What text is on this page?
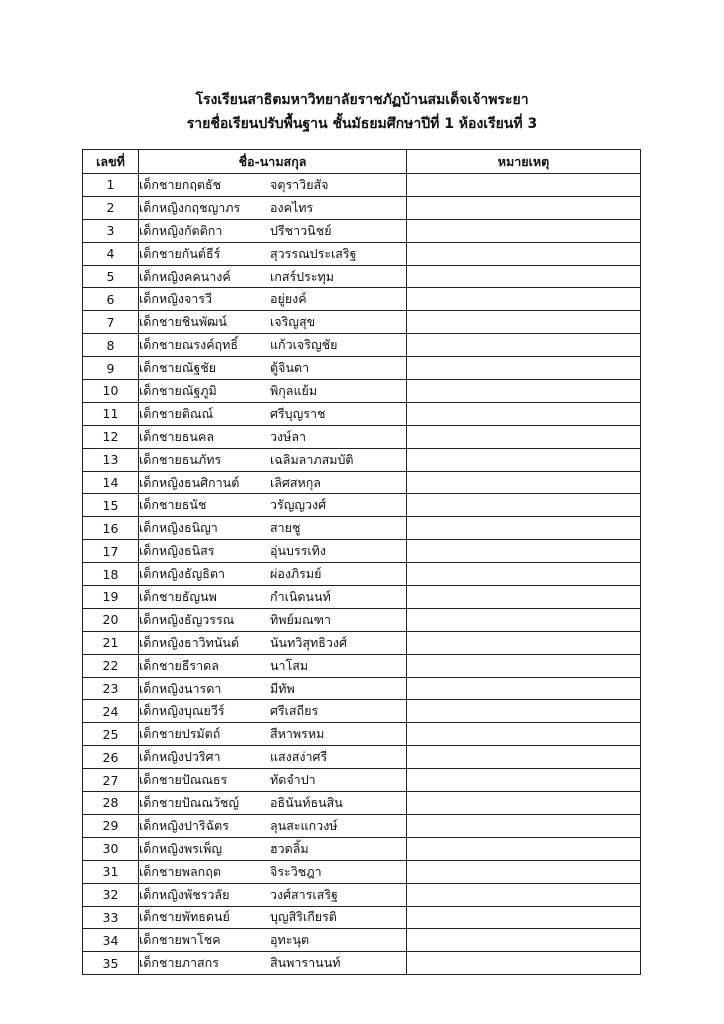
โรงเรียนสาธิตมหาวิทยาลัยราชภัฏบ้านสมเด็จเจ้าพระยา
รายชื่อเรียนปรับพื้นฐาน ชั้นมัธยมศึกษาปีที่ 1 ห้องเรียนที่ 3
เลขที่	ชื่อ-นามสกุล	หมายเหตุ
1	เด็กชายกฤตธัช จตุราวิยสัจ	
2	เด็กหญิงกฤชญาภร องคไทร	
3	เด็กหญิงกัตติกา ปรีชาวนิชย์	
4	เด็กชายกันต์ธีร์ สุวรรณประเสริฐ	
5	เด็กหญิงคคนางค์ เกสร์ประทุม	
6	เด็กหญิงจารวี อยู่ยงค์	
7	เด็กชายชินพัฒน์ เจริญสุข	
8	เด็กชายณรงค์ฤทธิ์ แก้วเจริญชัย	
9	เด็กชายณัฐชัย ตู้จินดา	
10	เด็กชายณัฐภูมิ พิกุลแย้ม	
11	เด็กชายติณณ์ ศรีบุญราช	
12	เด็กชายธนคล วงษ์ลา	
13	เด็กชายธนภัทร เฉลิมลาภสมบัติ	
14	เด็กหญิงธนศิกานต์ เลิศสหกุล	
15	เด็กชายธนัช วรัญญวงศ์	
16	เด็กหญิงธนิญา สายชู	
17	เด็กหญิงธนิสร อุ่นบรรเทิง	
18	เด็กหญิงธัญธิตา ผ่องภิรมย์	
19	เด็กชายธัญนพ กำเนิดนนท์	
20	เด็กหญิงธัญวรรณ ทิพย์มณฑา	
21	เด็กหญิงธาวิทนันต์ นันทวิสุทธิวงศ์	
22	เด็กชายธีราดล นาโสม	
23	เด็กหญิงนารดา มีทัพ	
24	เด็กหญิงบุณยวีร์ ศรีเสถียร	
25	เด็กชายปรมัตถ์ สีหาพรหม	
26	เด็กหญิงปวริศา แสงสง่าศรี	
27	เด็กชายปัณณธร ทัดจำปา	
28	เด็กชายปัณณวัชญ์ อธินันท์ธนสิน	
29	เด็กหญิงปาริฉัตร ลุนสะแกวงษ์	
30	เด็กหญิงพรเพ็ญ ฮวดลิ้ม	
31	เด็กชายพลกฤต จิระวิชฎา	
32	เด็กหญิงพัชรวลัย วงศ์สารเสริฐ	
33	เด็กชายพัทธดนย์ บุญสิริเกียรติ	
34	เด็กชายพาโชค อุทะนุต	
35	เด็กชายภาสกร สินพารานนท์	
